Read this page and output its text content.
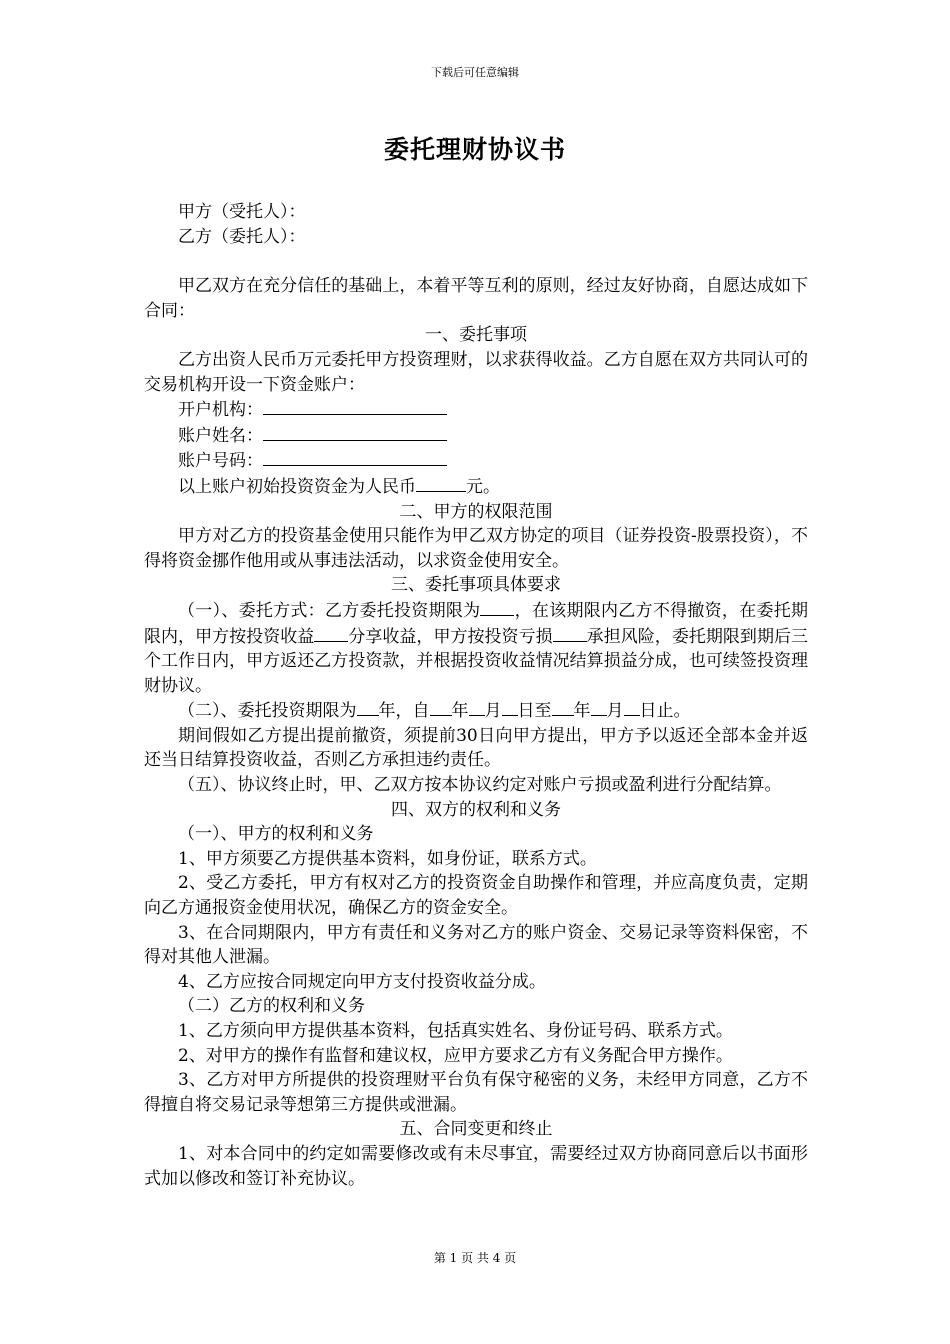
下载后可任意编辑
委托理财协议书

甲方（受托人）：

乙方（委托人）：

甲乙双方在充分信任的基础上，本着平等互利的原则，经过友好协商，自愿达成如下合同：

一、委托事项

乙方出资人民币万元委托甲方投资理财，以求获得收益。乙方自愿在双方共同认可的交易机构开设一下资金账户：

开户机构：

账户姓名：

账户号码：

以上账户初始投资资金为人民币	元。

二、甲方的权限范围

甲方对乙方的投资基金使用只能作为甲乙双方协定的项目（证券投资-股票投资），不得将资金挪作他用或从事违法活动，以求资金使用安全。

三、委托事项具体要求

（一）、委托方式：乙方委托投资期限为 ，在该期限内乙方不得撤资，在委托期限内，甲方按投资收益 分享收益，甲方按投资亏损 承担风险，委托期限到期后三个工作日内，甲方返还乙方投资款，并根据投资收益情况结算损益分成，也可续签投资理财协议。

（二）、委托投资期限为 年，自 年 月 日至 年 月 日止。

期间假如乙方提出提前撤资，须提前30日向甲方提出，甲方予以返还全部本金并返还当日结算投资收益，否则乙方承担违约责任。

（五）、协议终止时，甲、乙双方按本协议约定对账户亏损或盈利进行分配结算。

四、双方的权利和义务

（一）、甲方的权利和义务

1、甲方须要乙方提供基本资料，如身份证，联系方式。

2、受乙方委托，甲方有权对乙方的投资资金自助操作和管理，并应高度负责，定期向乙方通报资金使用状况，确保乙方的资金安全。

3、在合同期限内，甲方有责任和义务对乙方的账户资金、交易记录等资料保密，不得对其他人泄漏。

4、乙方应按合同规定向甲方支付投资收益分成。

（二）乙方的权利和义务

1、乙方须向甲方提供基本资料，包括真实姓名、身份证号码、联系方式。

2、对甲方的操作有监督和建议权，应甲方要求乙方有义务配合甲方操作。

3、乙方对甲方所提供的投资理财平台负有保守秘密的义务，未经甲方同意，乙方不得擅自将交易记录等想第三方提供或泄漏。

五、合同变更和终止

1、对本合同中的约定如需要修改或有未尽事宜，需要经过双方协商同意后以书面形式加以修改和签订补充协议。

第 1 页 共 4 页
